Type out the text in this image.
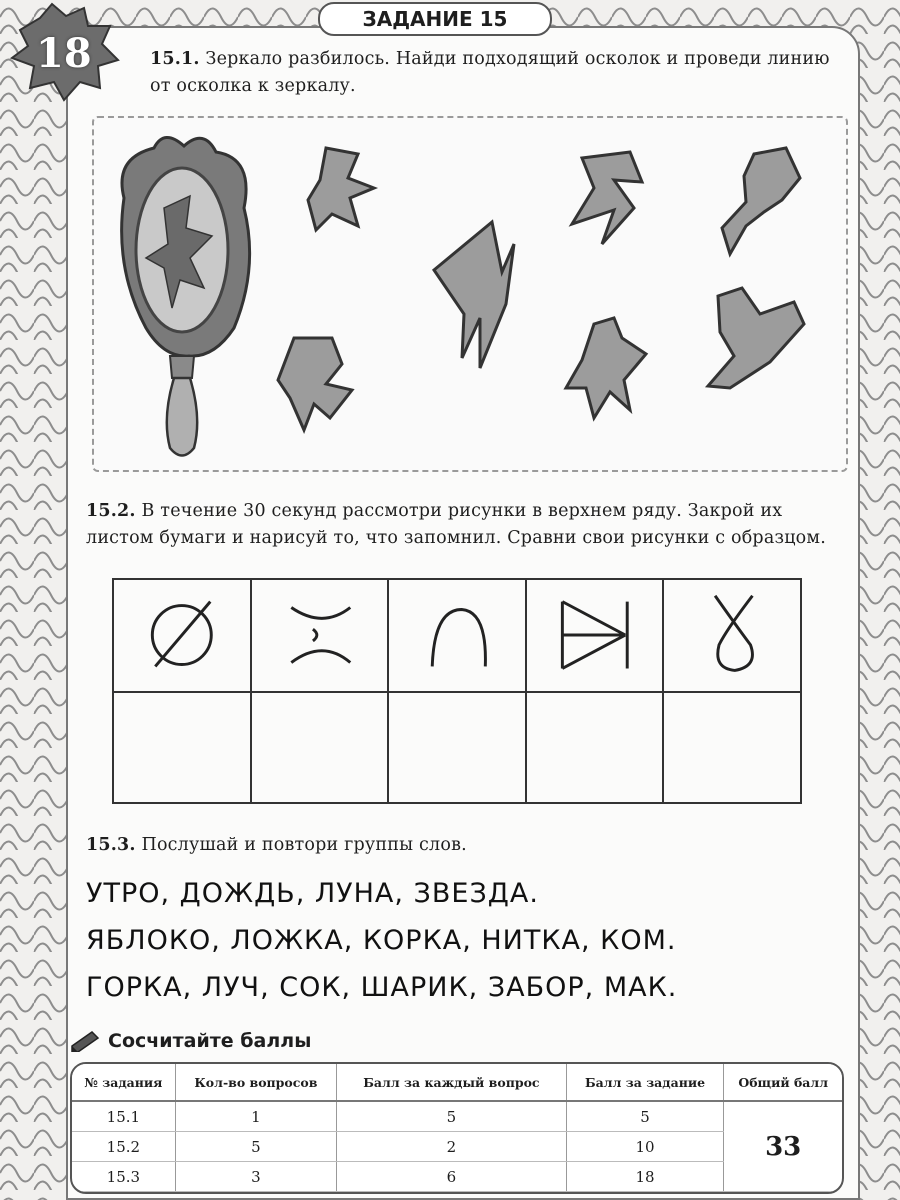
18
ЗАДАНИЕ 15
15.1. Зеркало разбилось. Найди подходящий осколок и проведи линию от осколка к зеркалу.
15.2. В течение 30 секунд рассмотри рисунки в верхнем ряду. Закрой их листом бумаги и нарисуй то, что запомнил. Сравни свои рисунки с образцом.

15.3. Послушай и повтори группы слов.
УТРО, ДОЖДЬ, ЛУНА, ЗВЕЗДА.
ЯБЛОКО, ЛОЖКА, КОРКА, НИТКА, КОМ.
ГОРКА, ЛУЧ, СОК, ШАРИК, ЗАБОР, МАК.
Сосчитайте баллы
№ задания	Кол-во вопросов	Балл за каждый вопрос	Балл за задание	Общий балл
15.1	1	5	5	33
15.2	5	2	10	
15.3	3	6	18	
